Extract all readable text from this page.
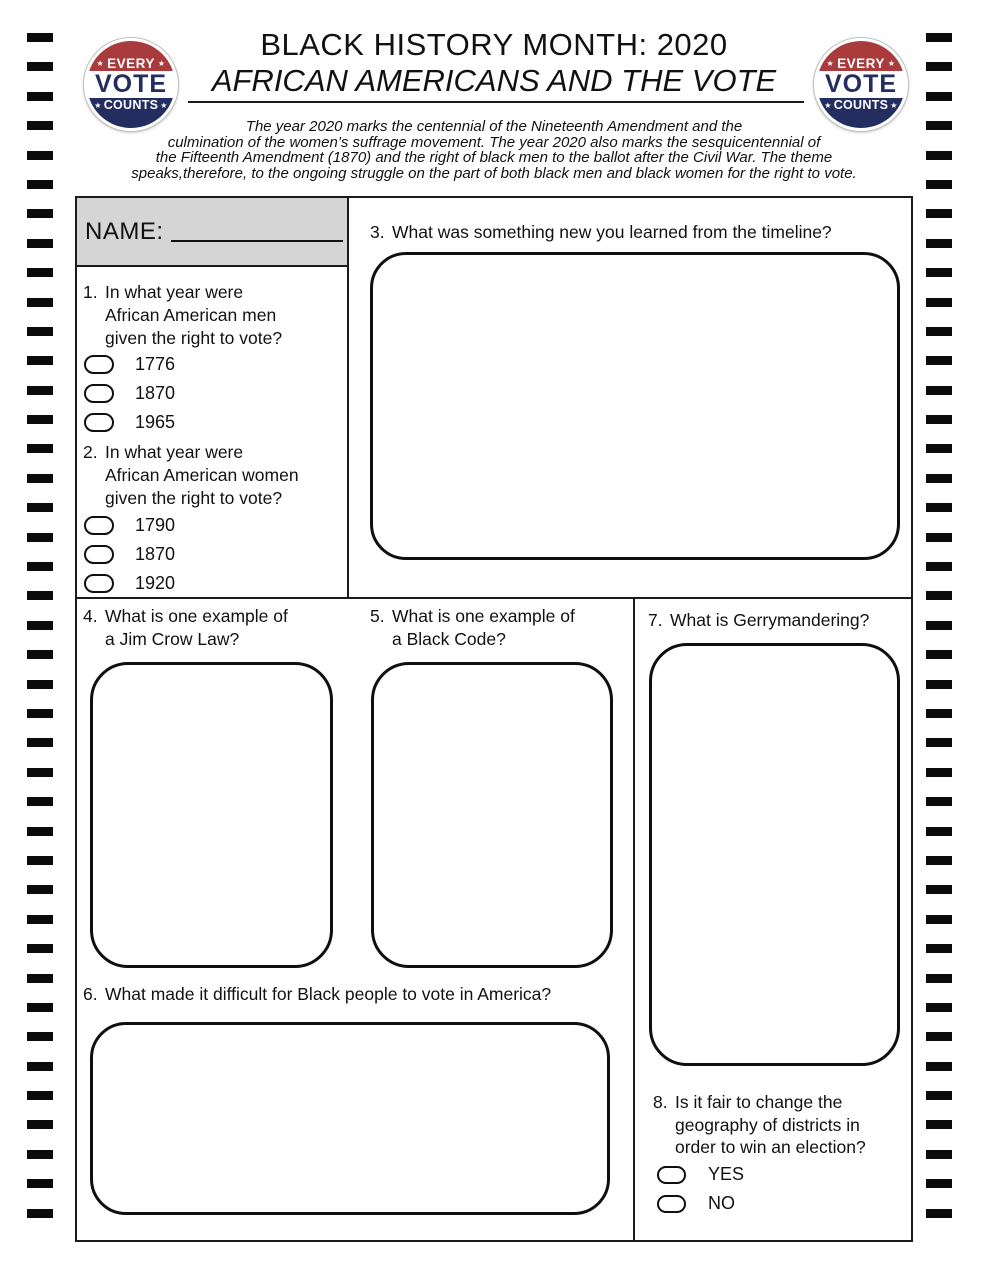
★ EVERY ★
VOTE
★ COUNTS ★
★ EVERY ★
VOTE
★ COUNTS ★
BLACK HISTORY MONTH: 2020
AFRICAN AMERICANS AND THE VOTE
The year 2020 marks the centennial of the Nineteenth Amendment and the
culmination of the women’s suffrage movement. The year 2020 also marks the sesquicentennial of
the Fifteenth Amendment (1870) and the right of black men to the ballot after the Civil War. The theme
speaks,therefore, to the ongoing struggle on the part of both black men and black women for the right to vote.
NAME:
1. In what year were
African American men
given the right to vote?
1776
1870
1965
2. In what year were
African American women
given the right to vote?
1790
1870
1920
3. What was something new you learned from the timeline?
4. What is one example of
a Jim Crow Law?
5. What is one example of
a Black Code?
6. What made it difficult for Black people to vote in America?
7. What is Gerrymandering?
8. Is it fair to change the
geography of districts in
order to win an election?
YES
NO
